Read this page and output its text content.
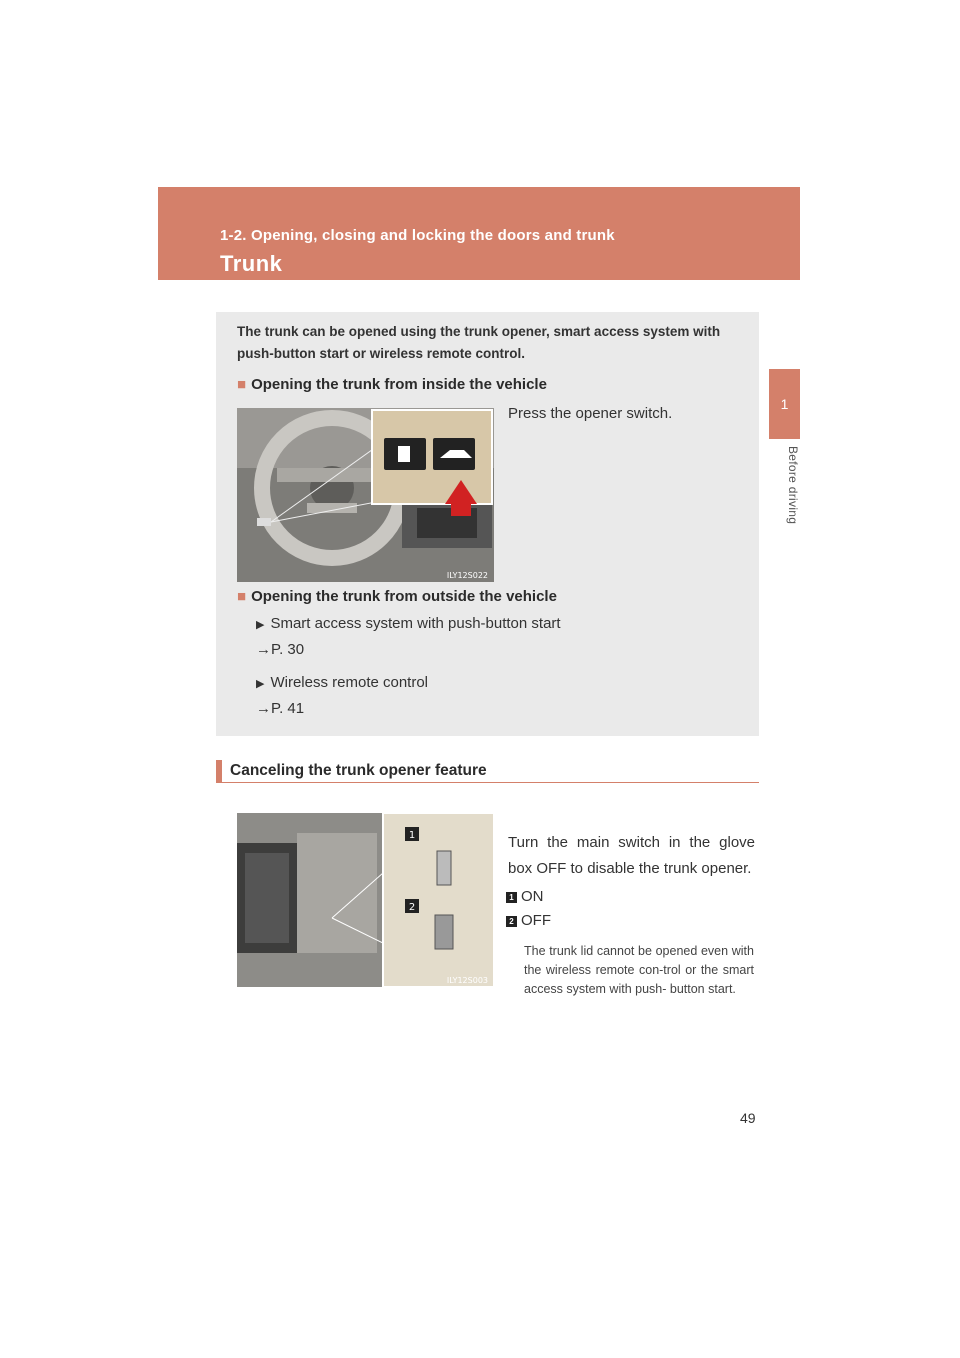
1-2. Opening, closing and locking the doors and trunk
Trunk
1
Before driving
The trunk can be opened using the trunk opener, smart access system with push-button start or wireless remote control.
■ Opening the trunk from inside the vehicle
ILY12S022
Press the opener switch.
■ Opening the trunk from outside the vehicle
▶ Smart access system with push-button start
→P. 30
▶ Wireless remote control
→P. 41
Canceling the trunk opener feature
1
2
ILY12S003
Turn the main switch in the glove box OFF to disable the trunk opener.
1 ON
2 OFF
The trunk lid cannot be opened even with the wireless remote con-trol or the smart access system with push- button start.
49
